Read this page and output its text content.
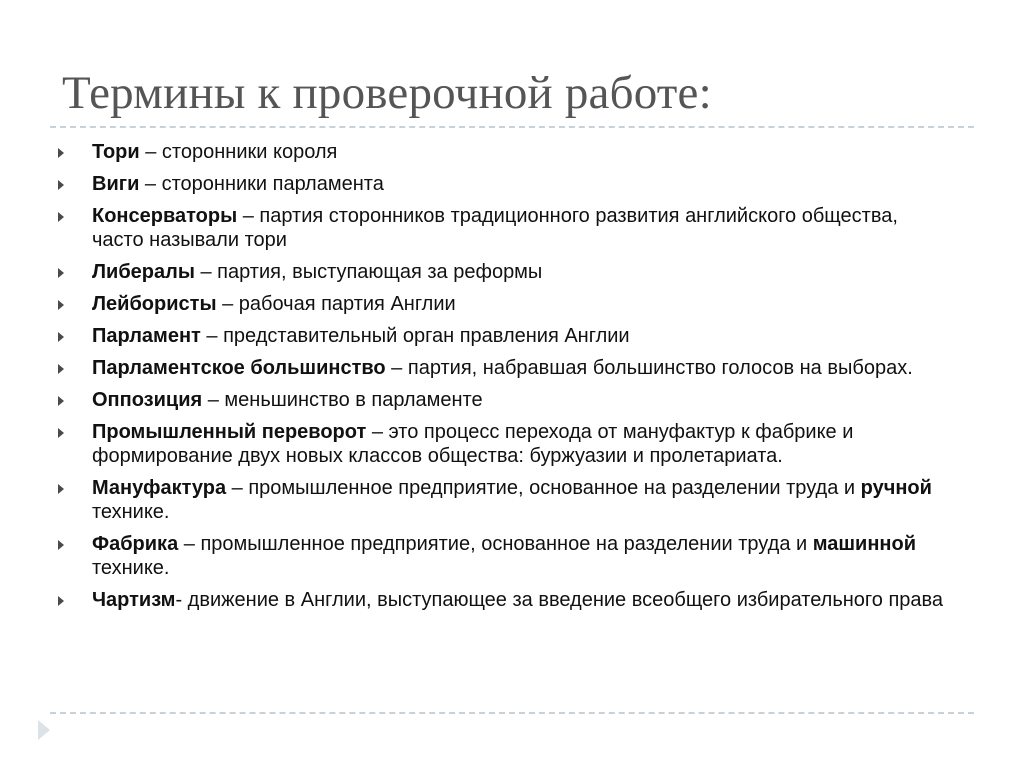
Термины к проверочной работе:
Тори – сторонники короля
Виги – сторонники парламента
Консерваторы – партия сторонников традиционного развития английского общества, часто называли тори
Либералы – партия, выступающая за реформы
Лейбористы – рабочая партия Англии
Парламент – представительный орган правления Англии
Парламентское большинство – партия, набравшая большинство голосов на выборах.
Оппозиция – меньшинство в парламенте
Промышленный переворот – это процесс перехода от мануфактур к фабрике и формирование двух новых классов общества: буржуазии и пролетариата.
Мануфактура – промышленное предприятие, основанное на разделении труда и ручной технике.
Фабрика – промышленное предприятие, основанное на разделении труда и машинной технике.
Чартизм- движение в Англии, выступающее за введение всеобщего избирательного права
